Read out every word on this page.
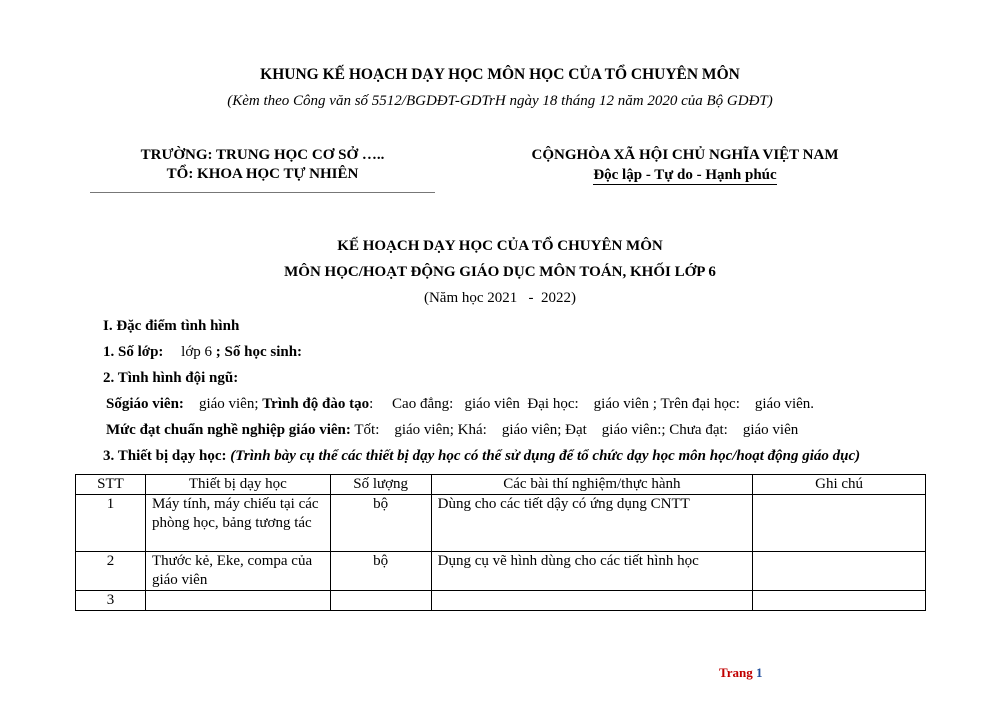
KHUNG KẾ HOẠCH DẠY HỌC MÔN HỌC CỦA TỔ CHUYÊN MÔN
(Kèm theo Công văn số 5512/BGDĐT-GDTrH ngày 18 tháng 12 năm 2020 của Bộ GDĐT)
TRƯỜNG: TRUNG HỌC CƠ SỞ …..
TỔ: KHOA HỌC TỰ NHIÊN
CỘNGHÒA XÃ HỘI CHỦ NGHĨA VIỆT NAM
Độc lập - Tự do - Hạnh phúc
KẾ HOẠCH DẠY HỌC CỦA TỔ CHUYÊN MÔN
MÔN HỌC/HOẠT ĐỘNG GIÁO DỤC MÔN TOÁN, KHỐI LỚP 6
(Năm học 2021   -  2022)
I. Đặc điểm tình hình
1. Số lớp: lớp 6 ; Số học sinh:
2. Tình hình đội ngũ:
Sốgiáo viên: giáo viên; Trình độ đào tạo:     Cao đẳng:   giáo viên  Đại học:    giáo viên ; Trên đại học:    giáo viên.
Mức đạt chuẩn nghề nghiệp giáo viên: Tốt:    giáo viên; Khá:    giáo viên; Đạt    giáo viên:; Chưa đạt:    giáo viên
3. Thiết bị dạy học: (Trình bày cụ thể các thiết bị dạy học có thể sử dụng để tổ chức dạy học môn học/hoạt động giáo dục)
STT	Thiết bị dạy học	Số lượng	Các bài thí nghiệm/thực hành	Ghi chú
1	Máy tính, máy chiếu tại các phòng học, bảng tương tác	bộ	Dùng cho các tiết dậy có ứng dụng CNTT	
2	Thước kẻ, Eke, compa của giáo viên	bộ	Dụng cụ vẽ hình dùng cho các tiết hình học	
3				
Trang 1
